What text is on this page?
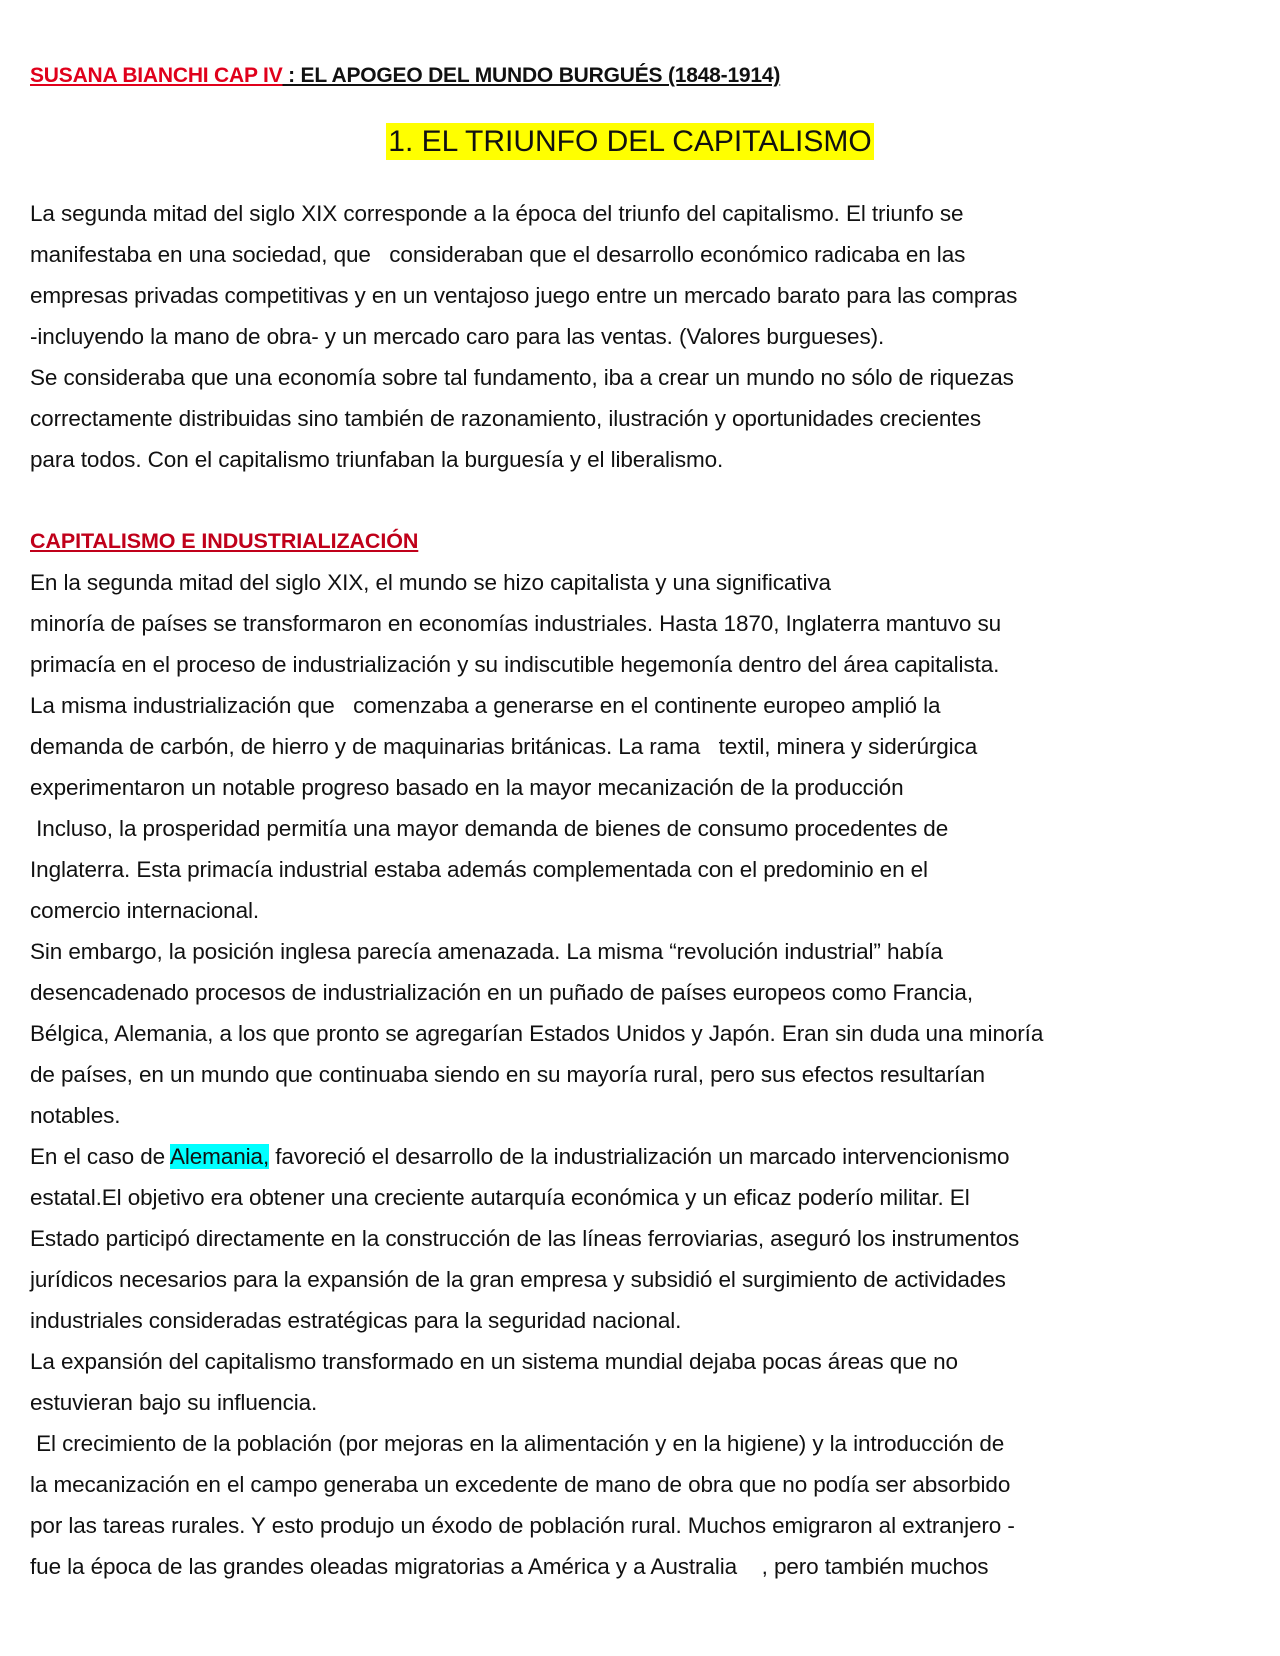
SUSANA BIANCHI CAP IV : EL APOGEO DEL MUNDO BURGUÉS (1848-1914)
1. EL TRIUNFO DEL CAPITALISMO
La segunda mitad del siglo XIX corresponde a la época del triunfo del capitalismo. El triunfo se
manifestaba en una sociedad, que   consideraban que el desarrollo económico radicaba en las
empresas privadas competitivas y en un ventajoso juego entre un mercado barato para las compras
-incluyendo la mano de obra- y un mercado caro para las ventas. (Valores burgueses).
Se consideraba que una economía sobre tal fundamento, iba a crear un mundo no sólo de riquezas
correctamente distribuidas sino también de razonamiento, ilustración y oportunidades crecientes
para todos. Con el capitalismo triunfaban la burguesía y el liberalismo.
CAPITALISMO E INDUSTRIALIZACIÓN
En la segunda mitad del siglo XIX, el mundo se hizo capitalista y una significativa
minoría de países se transformaron en economías industriales. Hasta 1870, Inglaterra mantuvo su
primacía en el proceso de industrialización y su indiscutible hegemonía dentro del área capitalista.
La misma industrialización que   comenzaba a generarse en el continente europeo amplió la
demanda de carbón, de hierro y de maquinarias británicas. La rama   textil, minera y siderúrgica
experimentaron un notable progreso basado en la mayor mecanización de la producción
Incluso, la prosperidad permitía una mayor demanda de bienes de consumo procedentes de
Inglaterra. Esta primacía industrial estaba además complementada con el predominio en el
comercio internacional.
Sin embargo, la posición inglesa parecía amenazada. La misma “revolución industrial” había
desencadenado procesos de industrialización en un puñado de países europeos como Francia,
Bélgica, Alemania, a los que pronto se agregarían Estados Unidos y Japón. Eran sin duda una minoría
de países, en un mundo que continuaba siendo en su mayoría rural, pero sus efectos resultarían
notables.
En el caso de Alemania, favoreció el desarrollo de la industrialización un marcado intervencionismo
estatal.El objetivo era obtener una creciente autarquía económica y un eficaz poderío militar. El
Estado participó directamente en la construcción de las líneas ferroviarias, aseguró los instrumentos
jurídicos necesarios para la expansión de la gran empresa y subsidió el surgimiento de actividades
industriales consideradas estratégicas para la seguridad nacional.
La expansión del capitalismo transformado en un sistema mundial dejaba pocas áreas que no
estuvieran bajo su influencia.
El crecimiento de la población (por mejoras en la alimentación y en la higiene) y la introducción de
la mecanización en el campo generaba un excedente de mano de obra que no podía ser absorbido
por las tareas rurales. Y esto produjo un éxodo de población rural. Muchos emigraron al extranjero -
fue la época de las grandes oleadas migratorias a América y a Australia    , pero también muchos
